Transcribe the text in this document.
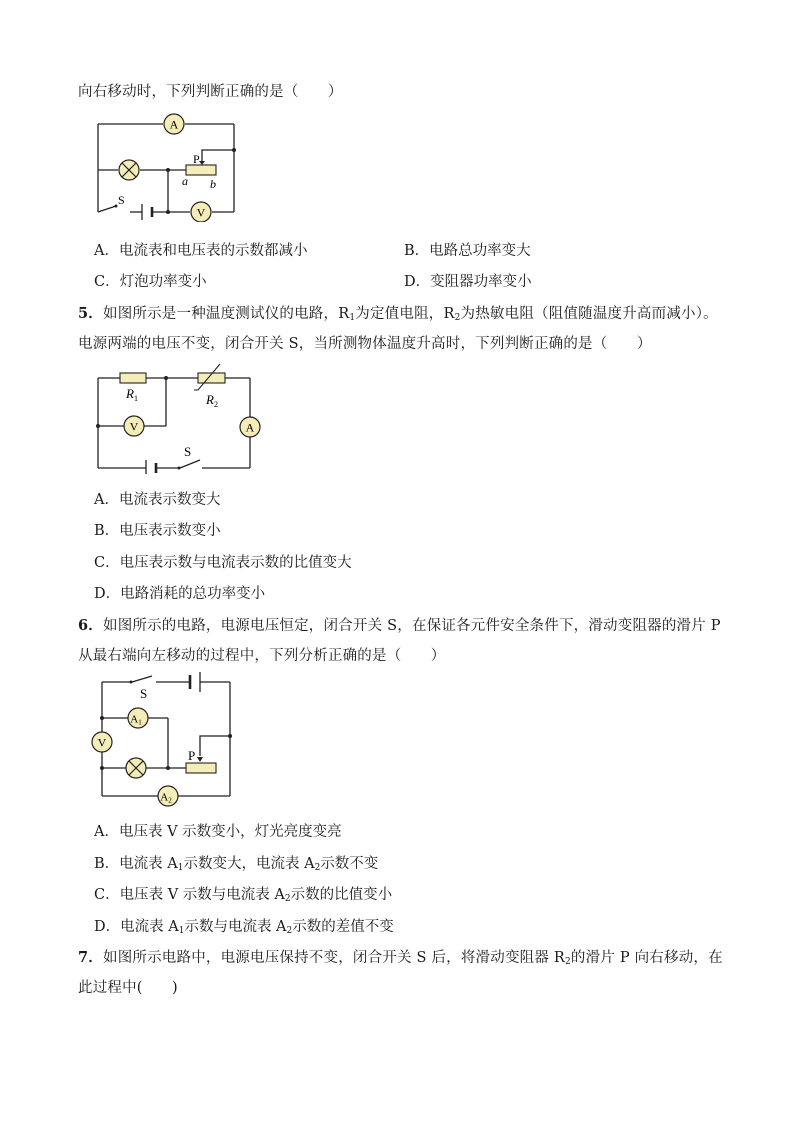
向右移动时，下列判断正确的是（　　）
A
P
a b
S
V
A．电流表和电压表的示数都减小	B．电路总功率变大
C．灯泡功率变小	D．变阻器功率变小
5．如图所示是一种温度测试仪的电路，$R_1$为定值电阻，$R_2$为热敏电阻（阻值随温度升高而减小）。
电源两端的电压不变，闭合开关 S，当所测物体温度升高时，下列判断正确的是（　　）
$R_1$	$R_2$
V	A
S
A．电流表示数变大
B．电压表示数变小
C．电压表示数与电流表示数的比值变大
D．电路消耗的总功率变小
6．如图所示的电路，电源电压恒定，闭合开关 S，在保证各元件安全条件下，滑动变阻器的滑片 P
从最右端向左移动的过程中，下列分析正确的是（　　）
S
A1
V
P
A2
A．电压表 V 示数变小，灯光亮度变亮
B．电流表 $A_1$示数变大，电流表 $A_2$示数不变
C．电压表 V 示数与电流表 $A_2$示数的比值变小
D．电流表 $A_1$示数与电流表 $A_2$示数的差值不变
7．如图所示电路中，电源电压保持不变，闭合开关 S 后，将滑动变阻器 $R_2$的滑片 P 向右移动，在
此过程中(　　)
